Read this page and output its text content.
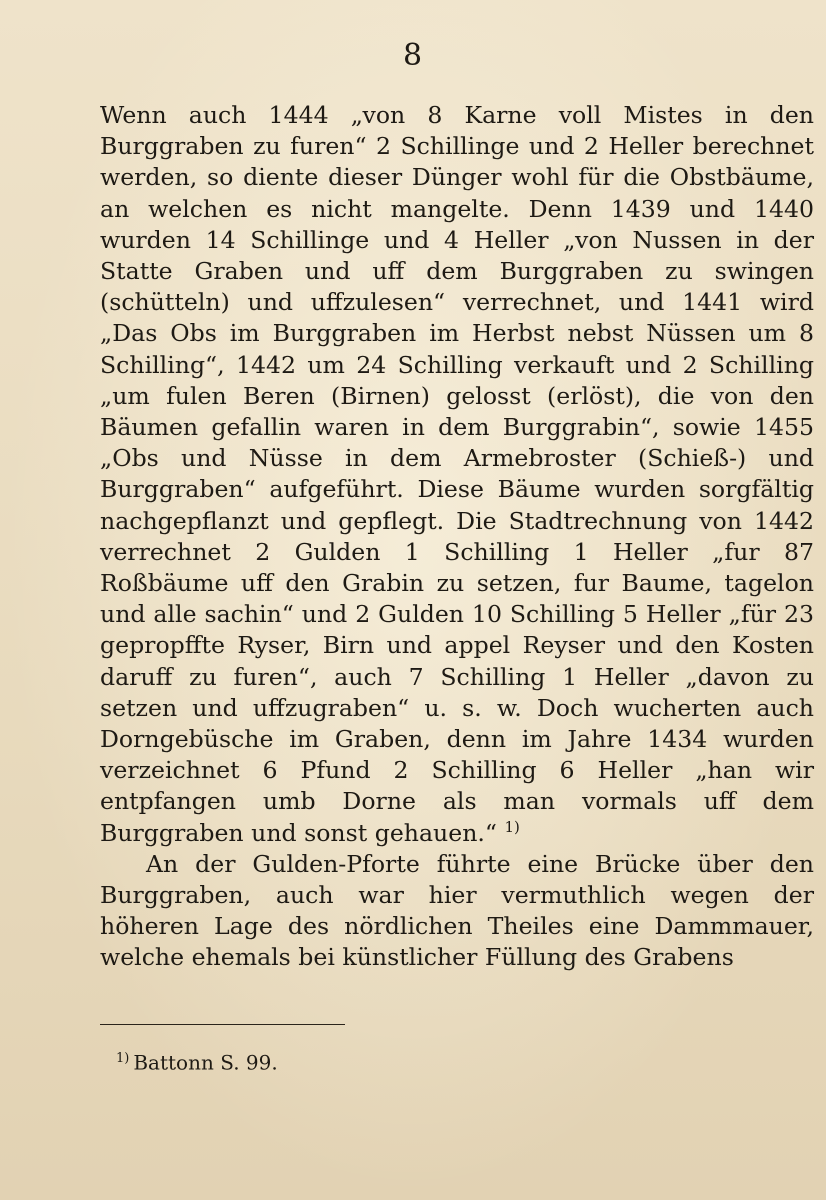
8

Wenn auch 1444 „von 8 Karne voll Mistes in den Burggraben zu furen“ 2 Schillinge und 2 Heller berechnet werden, so diente dieser Dünger wohl für die Obstbäume, an welchen es nicht mangelte. Denn 1439 und 1440 wurden 14 Schillinge und 4 Heller „von Nussen in der Statte Graben und uff dem Burggraben zu swingen (schütteln) und uffzulesen“ verrechnet, und 1441 wird „Das Obs im Burggraben im Herbst nebst Nüssen um 8 Schilling“, 1442 um 24 Schilling verkauft und 2 Schilling „um fulen Beren (Birnen) gelosst (erlöst), die von den Bäumen gefallin waren in dem Burggrabin“, sowie 1455 „Obs und Nüsse in dem Armebroster (Schieß-) und Burggraben“ aufgeführt. Diese Bäume wurden sorgfältig nachgepflanzt und gepflegt. Die Stadtrechnung von 1442 verrechnet 2 Gulden 1 Schilling 1 Heller „fur 87 Roßbäume uff den Grabin zu setzen, fur Baume, tagelon und alle sachin“ und 2 Gulden 10 Schilling 5 Heller „für 23 gepropffte Ryser, Birn und appel Reyser und den Kosten daruff zu furen“, auch 7 Schilling 1 Heller „davon zu setzen und uffzugraben“ u. s. w. Doch wucherten auch Dorngebüsche im Graben, denn im Jahre 1434 wurden verzeichnet 6 Pfund 2 Schilling 6 Heller „han wir entpfangen umb Dorne als man vormals uff dem Burggraben und sonst gehauen.“ $^{1)}$

An der Gulden-Pforte führte eine Brücke über den Burggraben, auch war hier vermuthlich wegen der höheren Lage des nördlichen Theiles eine Dammmauer, welche ehemals bei künstlicher Füllung des Grabens

$^{1)}$ Battonn S. 99.
